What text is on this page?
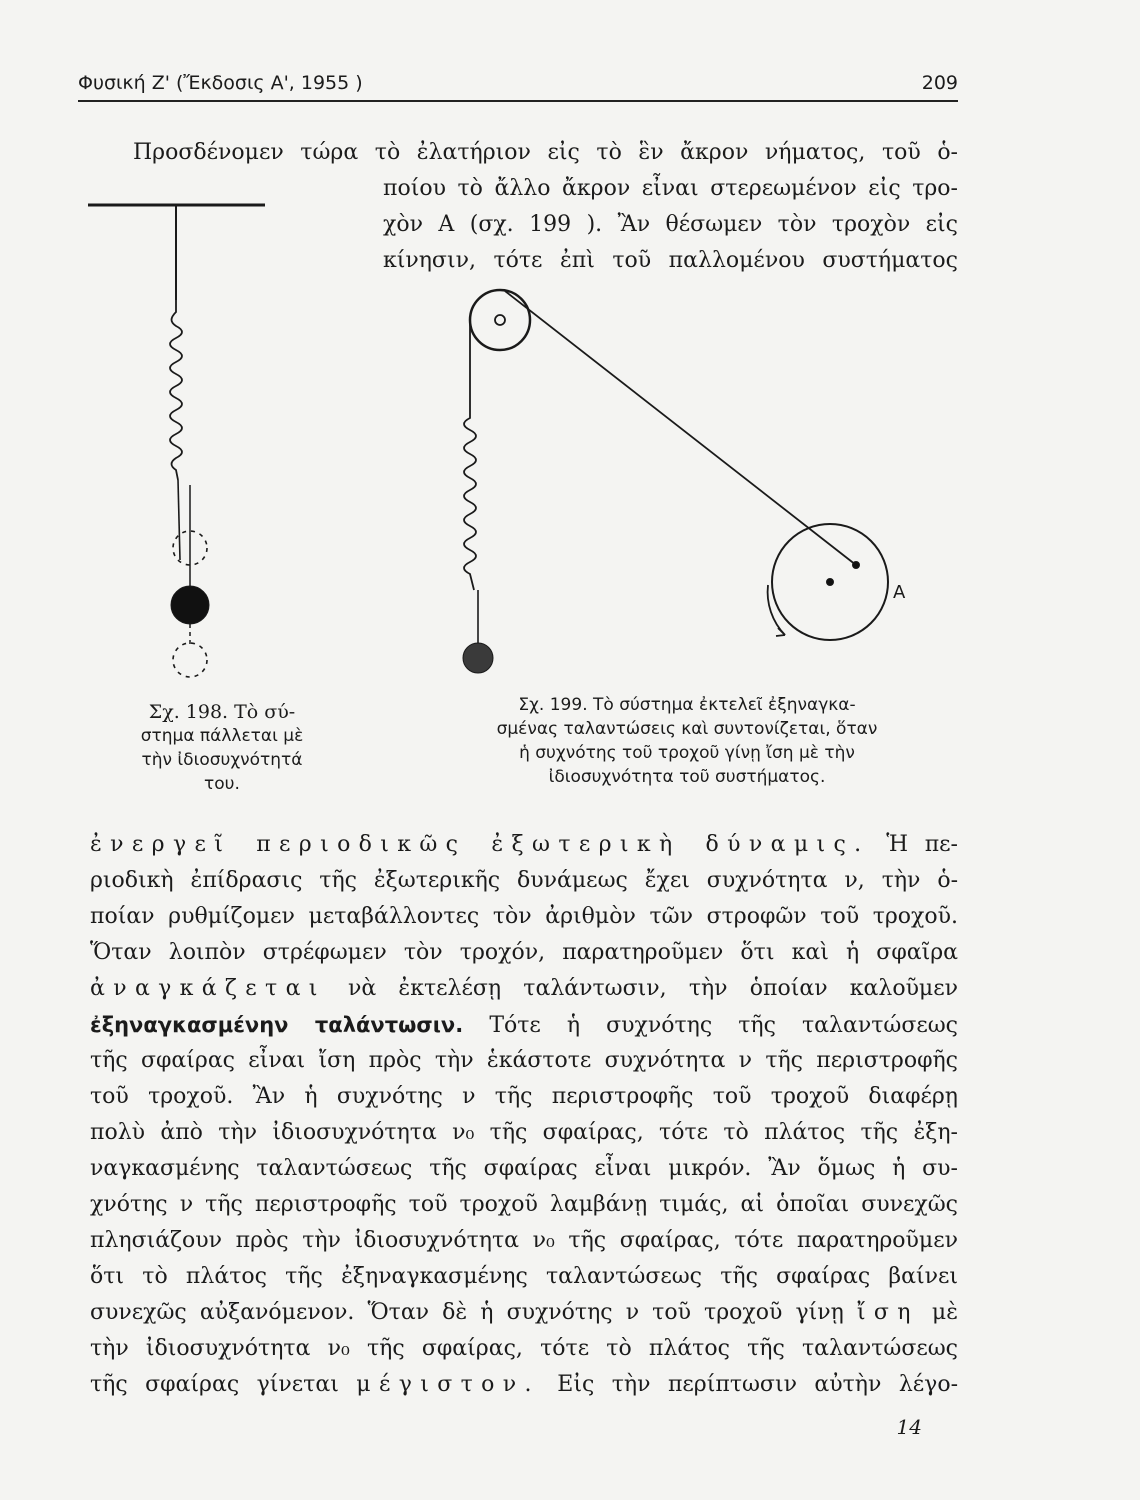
Φυσική Ζ' (Ἔκδοσις Α', 1955 )	209
Προσδένομεν τώρα τὸ ἐλατήριον εἰς τὸ ἓν ἄκρον νήματος, τοῦ ὁ-
ποίου τὸ ἄλλο ἄκρον εἶναι στερεωμένον εἰς τρο-
χὸν Α (σχ. 199 ). Ἂν θέσωμεν τὸν τροχὸν εἰς
κίνησιν, τότε ἐπὶ τοῦ παλλομένου συστήματος
Α
Σχ. 198. Τὸ σύ-
στημα πάλλεται μὲ
τὴν ἰδιοσυχνότητά
του.
Σχ. 199. Τὸ σύστημα ἐκτελεῖ ἐξηναγκα-
σμένας ταλαντώσεις καὶ συντονίζεται, ὅταν
ἡ συχνότης τοῦ τροχοῦ γίνῃ ἴση μὲ τὴν
ἰδιοσυχνότητα τοῦ συστήματος.
ἐνεργεῖ περιοδικῶς ἐξωτερικὴ δύναμις. Ἡ πε-
ριοδικὴ ἐπίδρασις τῆς ἐξωτερικῆς δυνάμεως ἔχει συχνότητα ν, τὴν ὁ-
ποίαν ρυθμίζομεν μεταβάλλοντες τὸν ἀριθμὸν τῶν στροφῶν τοῦ τροχοῦ.
Ὅταν λοιπὸν στρέφωμεν τὸν τροχόν, παρατηροῦμεν ὅτι καὶ ἡ σφαῖρα
ἀναγκάζεται νὰ ἐκτελέσῃ ταλάντωσιν, τὴν ὁποίαν καλοῦμεν
ἐξηναγκασμένην ταλάντωσιν. Τότε ἡ συχνότης τῆς ταλαντώσεως
τῆς σφαίρας εἶναι ἴση πρὸς τὴν ἑκάστοτε συχνότητα ν τῆς περιστροφῆς
τοῦ τροχοῦ. Ἂν ἡ συχνότης ν τῆς περιστροφῆς τοῦ τροχοῦ διαφέρῃ
πολὺ ἀπὸ τὴν ἰδιοσυχνότητα ν₀ τῆς σφαίρας, τότε τὸ πλάτος τῆς ἐξη-
ναγκασμένης ταλαντώσεως τῆς σφαίρας εἶναι μικρόν. Ἂν ὅμως ἡ συ-
χνότης ν τῆς περιστροφῆς τοῦ τροχοῦ λαμβάνῃ τιμάς, αἱ ὁποῖαι συνεχῶς
πλησιάζουν πρὸς τὴν ἰδιοσυχνότητα ν₀ τῆς σφαίρας, τότε παρατηροῦμεν
ὅτι τὸ πλάτος τῆς ἐξηναγκασμένης ταλαντώσεως τῆς σφαίρας βαίνει
συνεχῶς αὐξανόμενον. Ὅταν δὲ ἡ συχνότης ν τοῦ τροχοῦ γίνῃ ἴση μὲ
τὴν ἰδιοσυχνότητα ν₀ τῆς σφαίρας, τότε τὸ πλάτος τῆς ταλαντώσεως
τῆς σφαίρας γίνεται μέγιστον. Εἰς τὴν περίπτωσιν αὐτὴν λέγο-
14
